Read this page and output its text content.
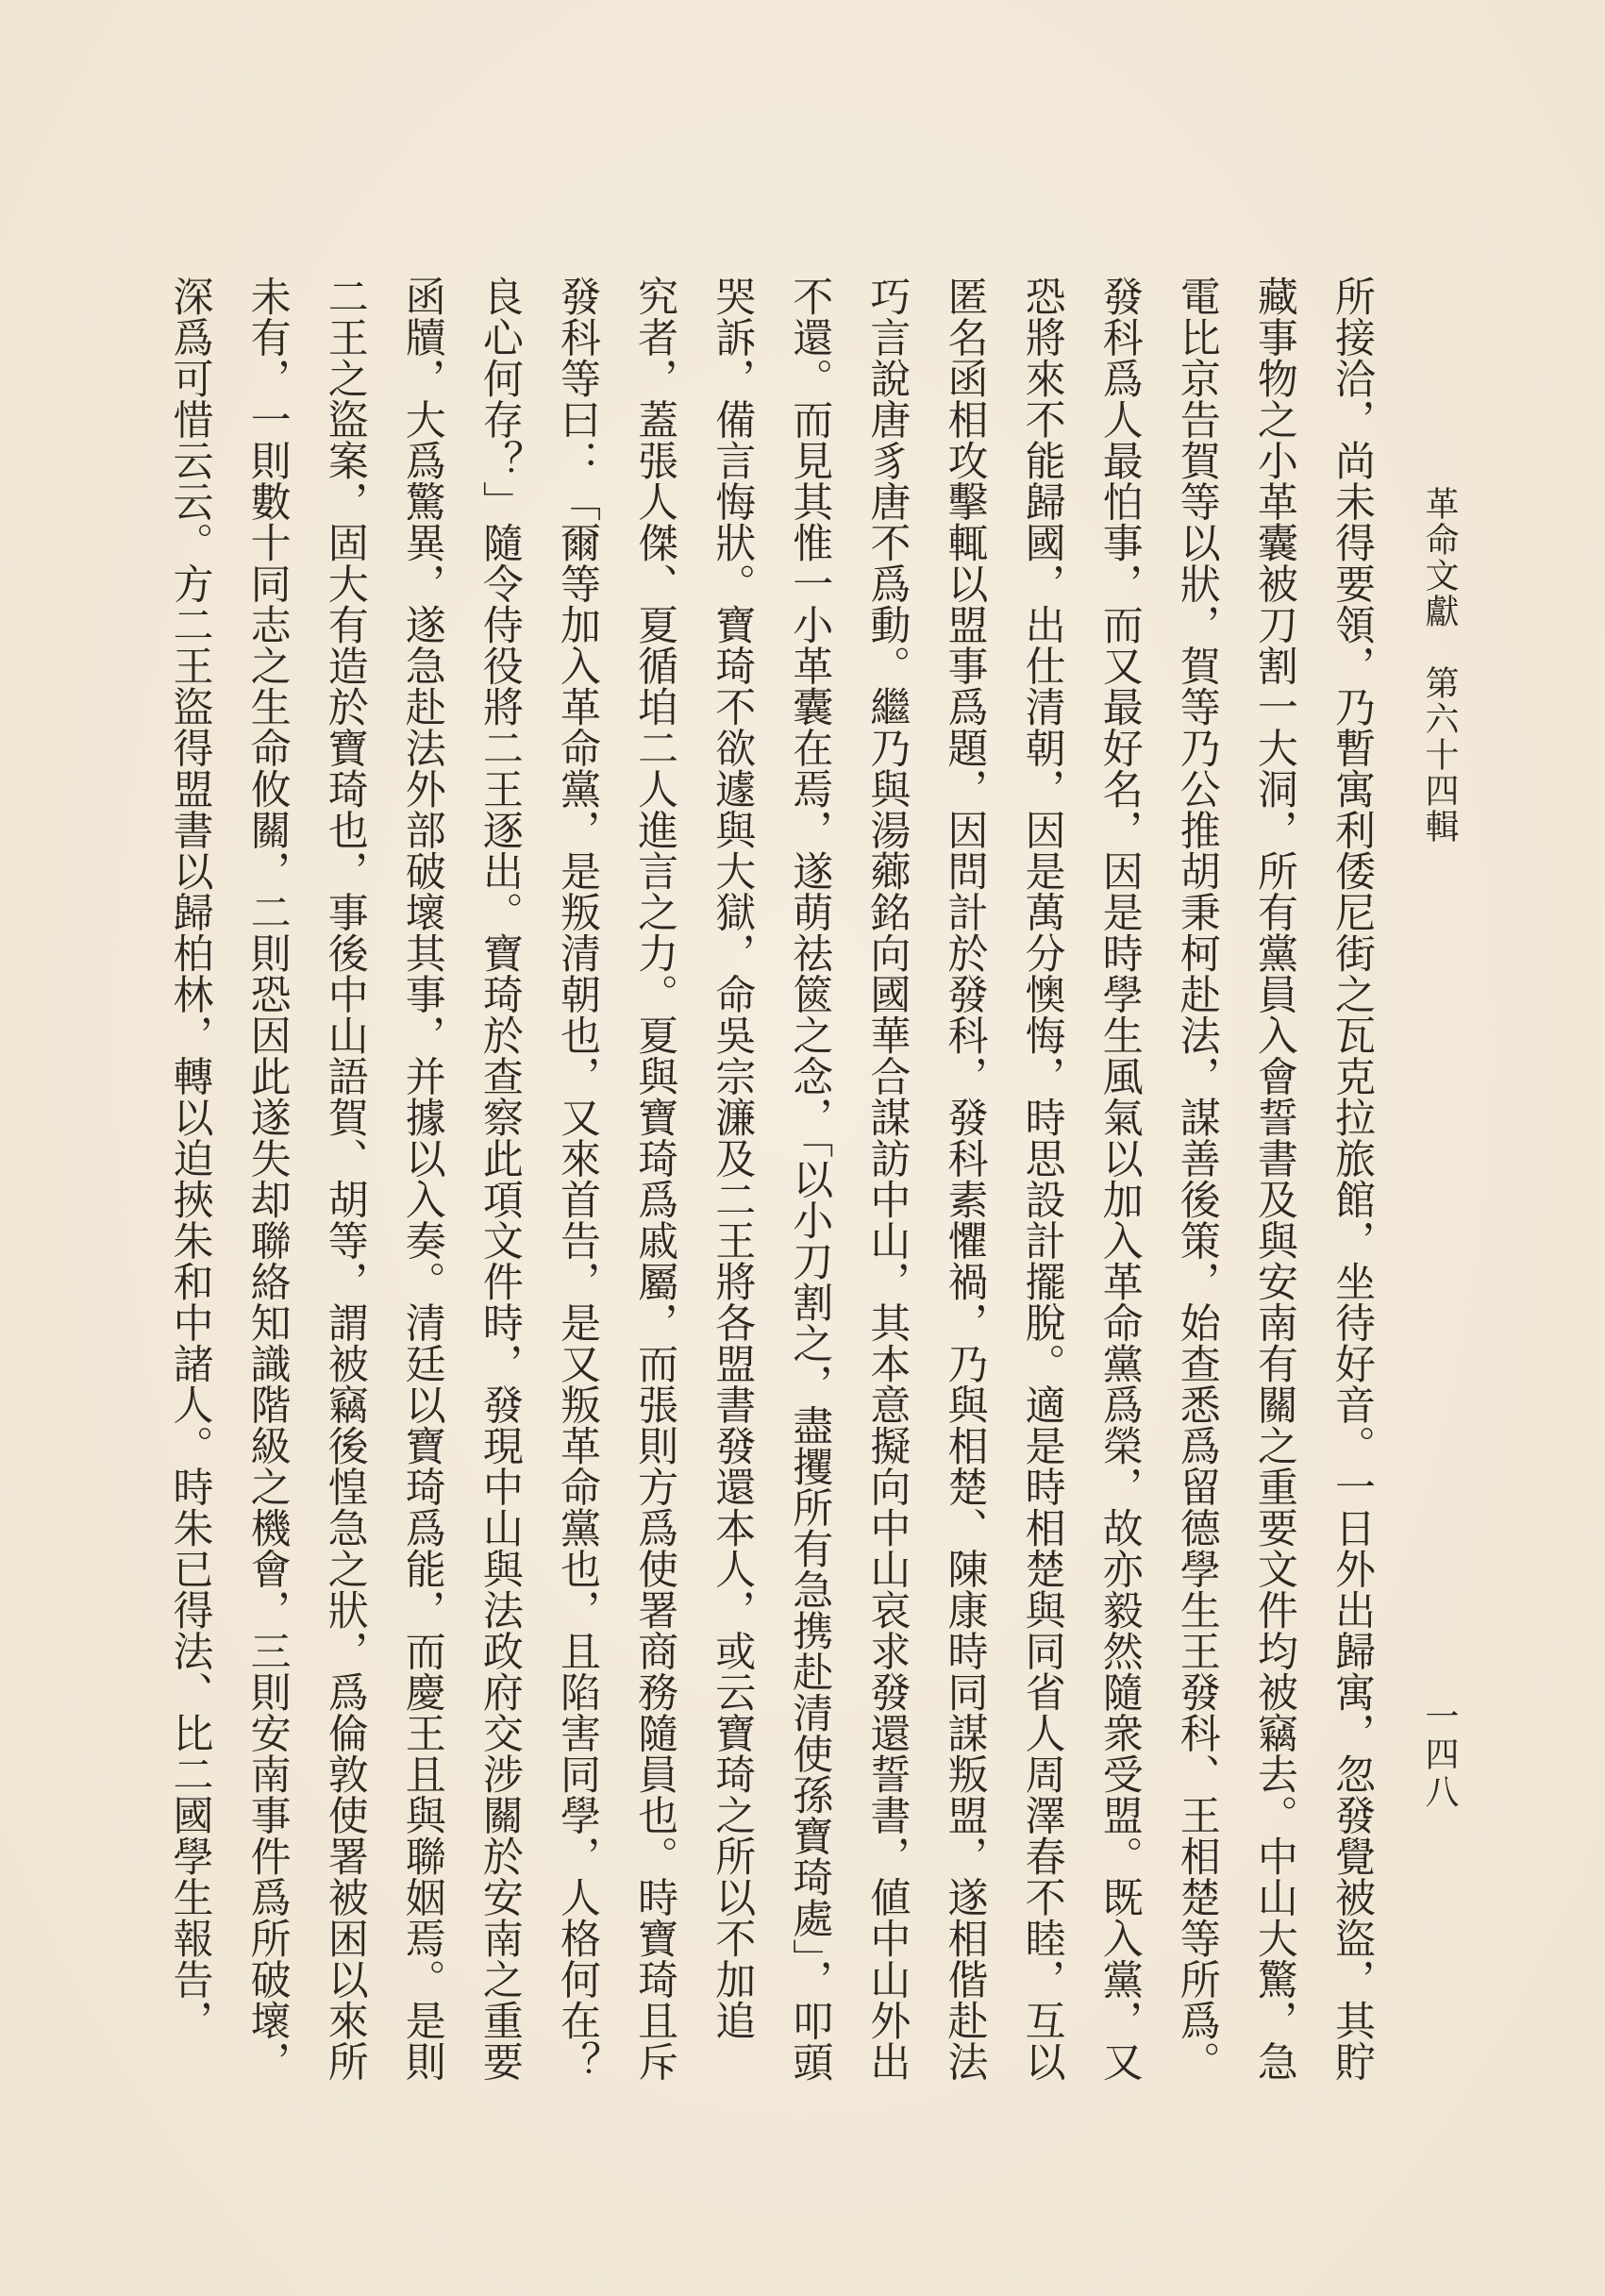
革命文獻　第六十四輯
一四八
所接洽，尚未得要領，乃暫寓利倭尼街之瓦克拉旅館，坐待好音。一日外出歸寓，忽發覺被盜，其貯
藏事物之小革囊被刀割一大洞，所有黨員入會誓書及與安南有關之重要文件均被竊去。中山大驚，急
電比京告賀等以狀，賀等乃公推胡秉柯赴法，謀善後策，始查悉爲留德學生王發科、王相楚等所爲。
發科爲人最怕事，而又最好名，因是時學生風氣以加入革命黨爲榮，故亦毅然隨衆受盟。既入黨，又
恐將來不能歸國，出仕清朝，因是萬分懊悔，時思設計擺脫。適是時相楚與同省人周澤春不睦，互以
匿名函相攻擊輒以盟事爲題，因問計於發科，發科素懼禍，乃與相楚、陳康時同謀叛盟，遂相偕赴法
巧言說唐豸唐不爲動。繼乃與湯薌銘向國華合謀訪中山，其本意擬向中山哀求發還誓書，値中山外出
不還。而見其惟一小革囊在焉，遂萌祛篋之念，「以小刀割之，盡攫所有急携赴清使孫寶琦處」，叩頭
哭訴，備言悔狀。寶琦不欲遽與大獄，命吳宗濂及二王將各盟書發還本人，或云寶琦之所以不加追
究者，蓋張人傑、夏循垍二人進言之力。夏與寶琦爲戚屬，而張則方爲使署商務隨員也。時寶琦且斥
發科等曰：「爾等加入革命黨，是叛清朝也，又來首告，是又叛革命黨也，且陷害同學，人格何在？
良心何存？」隨令侍役將二王逐出。寶琦於查察此項文件時，發現中山與法政府交涉關於安南之重要
函牘，大爲驚異，遂急赴法外部破壞其事，并據以入奏。清廷以寶琦爲能，而慶王且與聯姻焉。是則
二王之盜案，固大有造於寶琦也，事後中山語賀、胡等，謂被竊後惶急之狀，爲倫敦使署被困以來所
未有，一則數十同志之生命攸關，二則恐因此遂失却聯絡知識階級之機會，三則安南事件爲所破壞，
深爲可惜云云。方二王盜得盟書以歸柏林，轉以迫挾朱和中諸人。時朱已得法、比二國學生報告，
